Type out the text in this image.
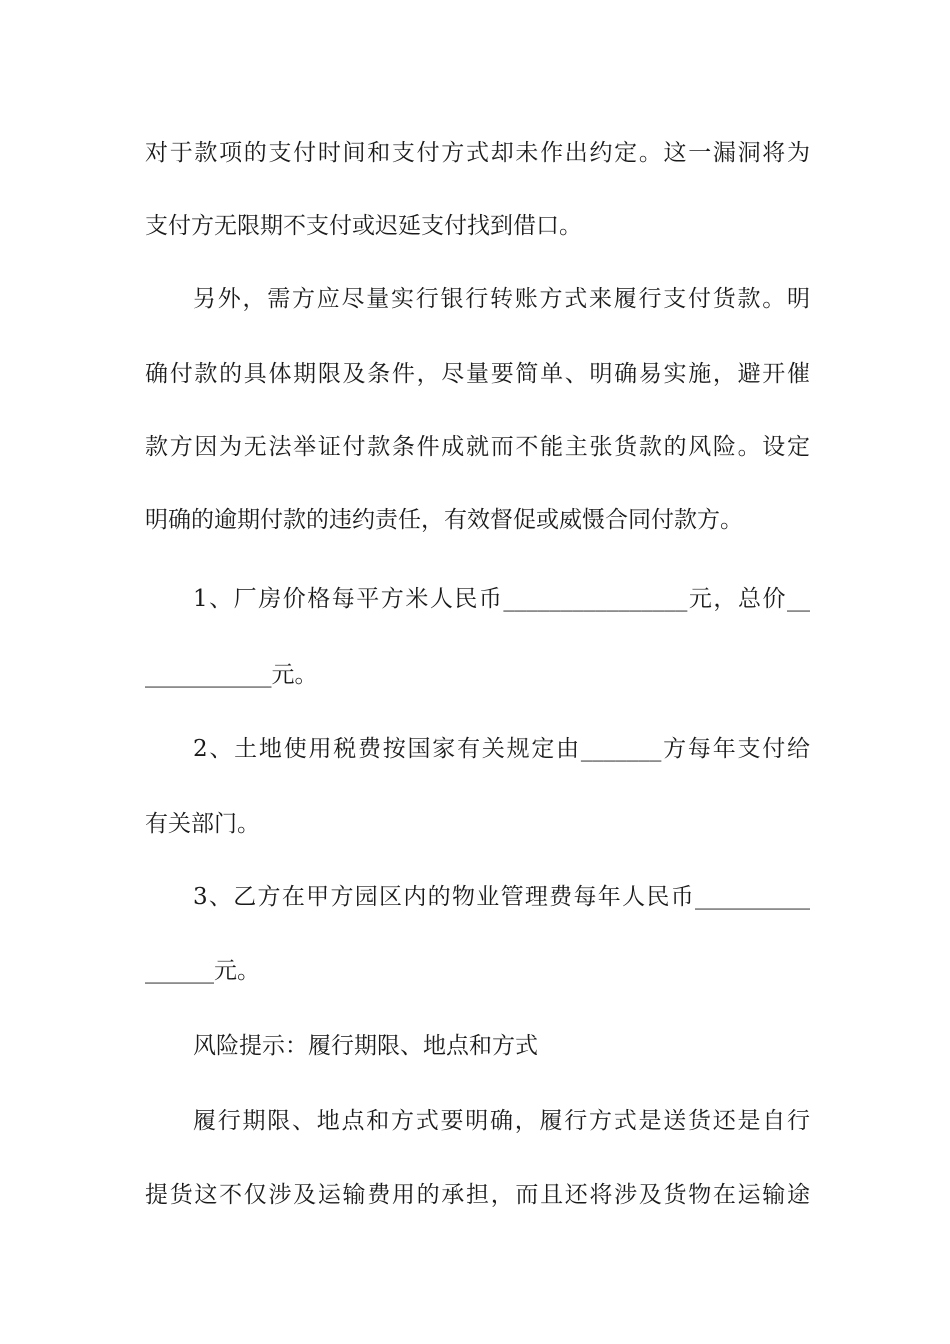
对于款项的支付时间和支付方式却未作出约定。这一漏洞将为
支付方无限期不支付或迟延支付找到借口。
另外，需方应尽量实行银行转账方式来履行支付货款。明
确付款的具体期限及条件，尽量要简单、明确易实施，避开催
款方因为无法举证付款条件成就而不能主张货款的风险。设定
明确的逾期付款的违约责任，有效督促或威慑合同付款方。
1、厂房价格每平方米人民币________________元，总价__
___________元。
2、土地使用税费按国家有关规定由_______方每年支付给
有关部门。
3、乙方在甲方园区内的物业管理费每年人民币__________
______元。
风险提示：履行期限、地点和方式
履行期限、地点和方式要明确，履行方式是送货还是自行
提货这不仅涉及运输费用的承担，而且还将涉及货物在运输途
